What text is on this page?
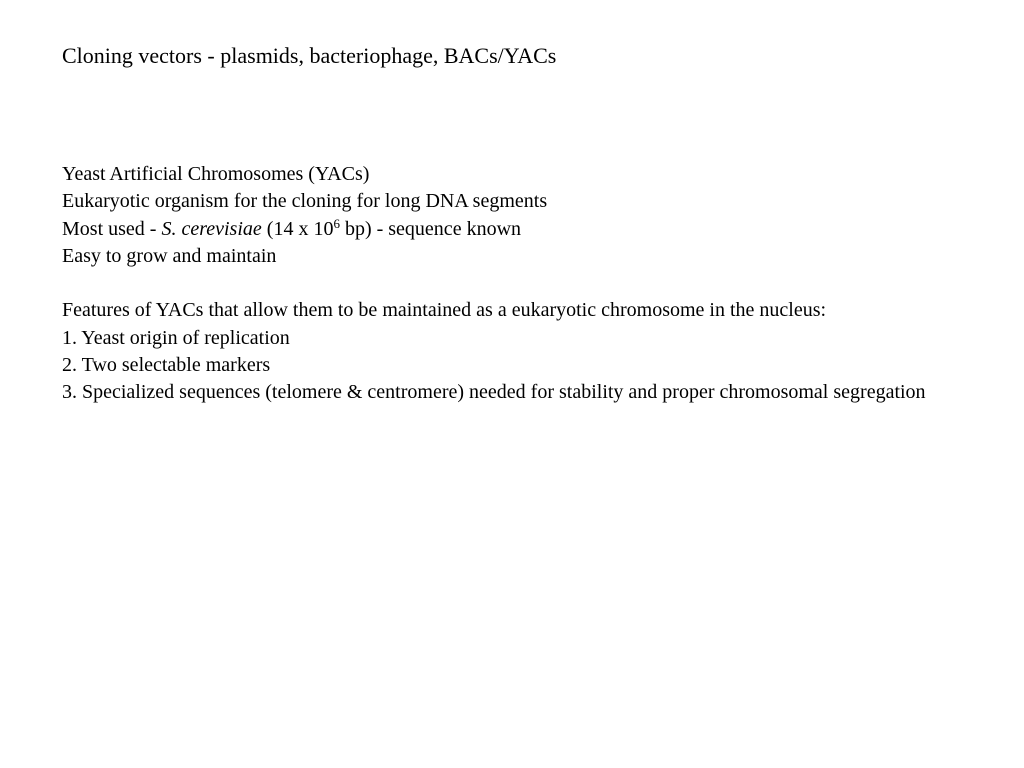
Cloning vectors - plasmids, bacteriophage, BACs/YACs
Yeast Artificial Chromosomes (YACs)
Eukaryotic organism for the cloning for long DNA segments
Most used - S. cerevisiae (14 x $10^6$ bp) - sequence known
Easy to grow and maintain
Features of YACs that allow them to be maintained as a eukaryotic chromosome in the nucleus:
1. Yeast origin of replication
2. Two selectable markers
3. Specialized sequences (telomere & centromere) needed for stability and proper chromosomal segregation
